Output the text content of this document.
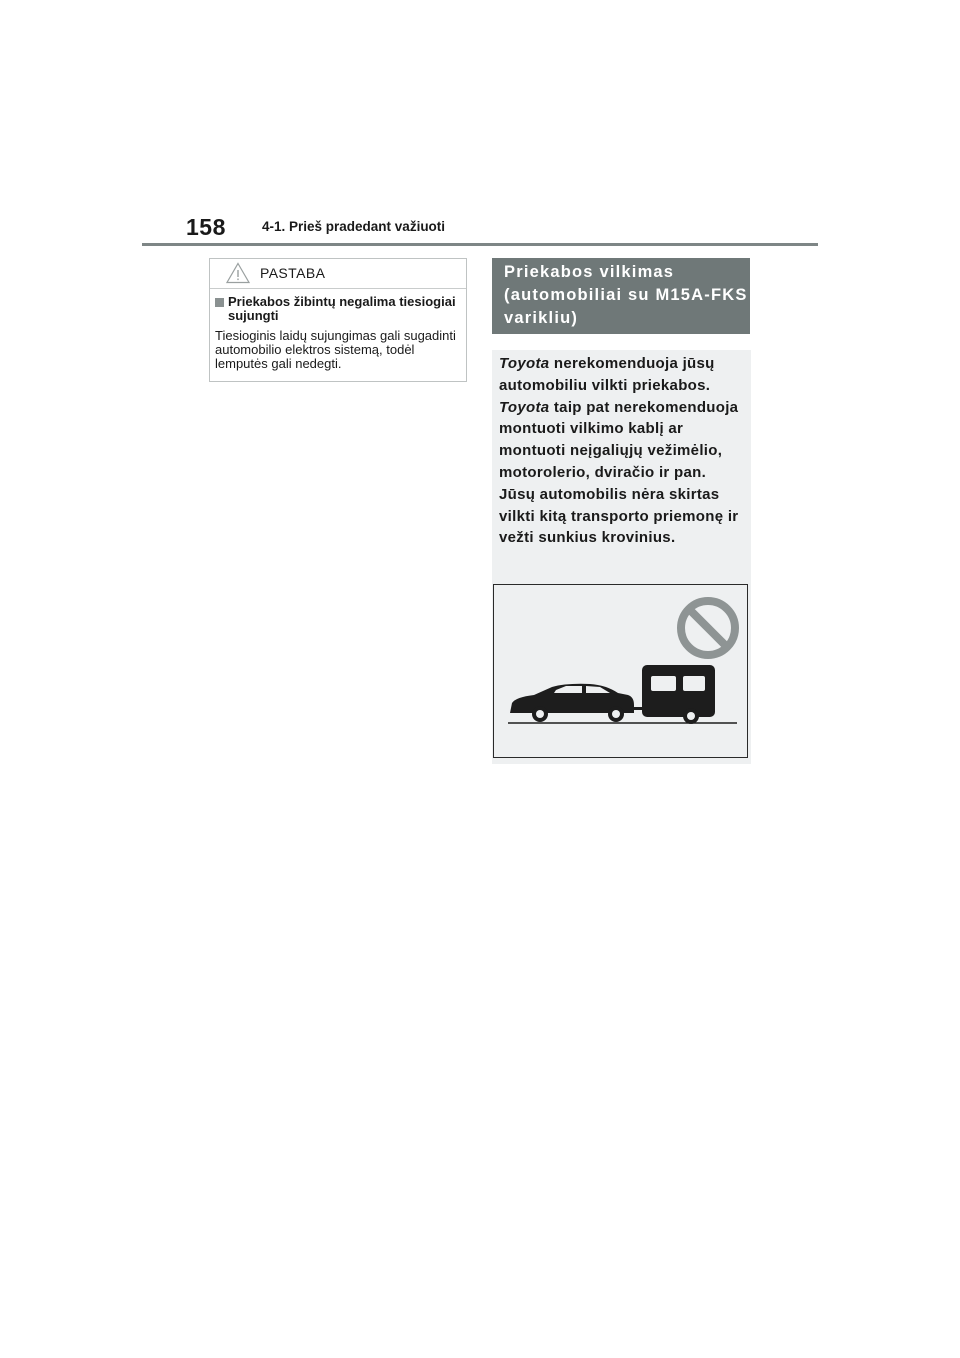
158	4-1. Prieš pradedant važiuoti
PASTABA
Priekabos žibintų negalima tiesiogiai sujungti
Tiesioginis laidų sujungimas gali sugadinti automobilio elektros sistemą, todėl lemputės gali nedegti.
Priekabos vilkimas (automobiliai su M15A-FKS varikliu)
Toyota nerekomenduoja jūsų automobiliu vilkti priekabos.
Toyota taip pat nerekomenduoja montuoti vilkimo kablį ar montuoti neįgaliųjų vežimėlio, motorolerio, dviračio ir pan. Jūsų automobilis nėra skirtas vilkti kitą transporto priemonę ir vežti sunkius krovinius.
